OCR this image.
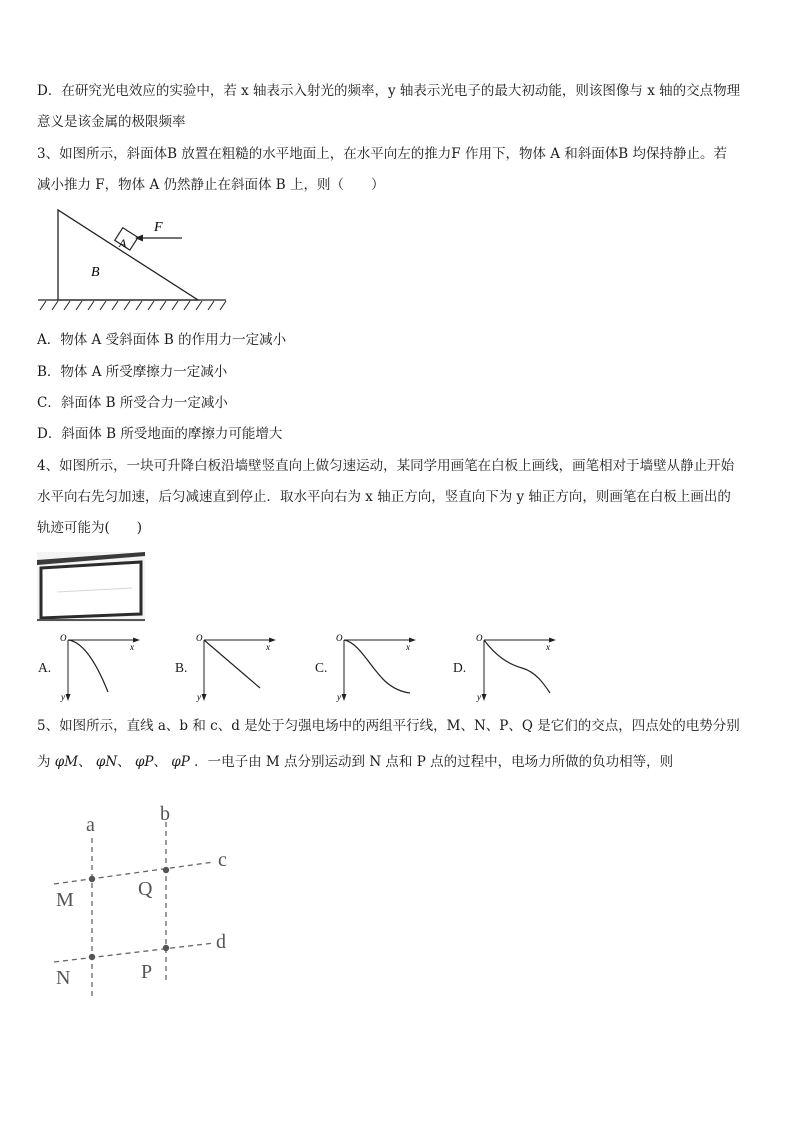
D．在研究光电效应的实验中，若 x 轴表示入射光的频率，y 轴表示光电子的最大初动能，则该图像与 x 轴的交点物理
意义是该金属的极限频率
3、如图所示，斜面体B 放置在粗糙的水平地面上，在水平向左的推力F 作用下，物体 A 和斜面体B 均保持静止。若
减小推力 F，物体 A 仍然静止在斜面体 B 上，则（　　）
F
A
B
A．物体 A 受斜面体 B 的作用力一定减小
B．物体 A 所受摩擦力一定减小
C．斜面体 B 所受合力一定减小
D．斜面体 B 所受地面的摩擦力可能增大
4、如图所示，一块可升降白板沿墙壁竖直向上做匀速运动，某同学用画笔在白板上画线，画笔相对于墙壁从静止开始
水平向右先匀加速，后匀减速直到停止．取水平向右为 x 轴正方向，竖直向下为 y 轴正方向，则画笔在白板上画出的
轨迹可能为(　　)
A.
O
x
y
B.
O
x
y
C.
O
x
y
D.
O
x
y
5、如图所示，直线 a、b 和 c、d 是处于匀强电场中的两组平行线，M、N、P、Q 是它们的交点，四点处的电势分别
为 φM、 φN、 φP、 φP ．一电子由 M 点分别运动到 N 点和 P 点的过程中，电场力所做的负功相等，则
a	b
c
d
M	Q
N	P
